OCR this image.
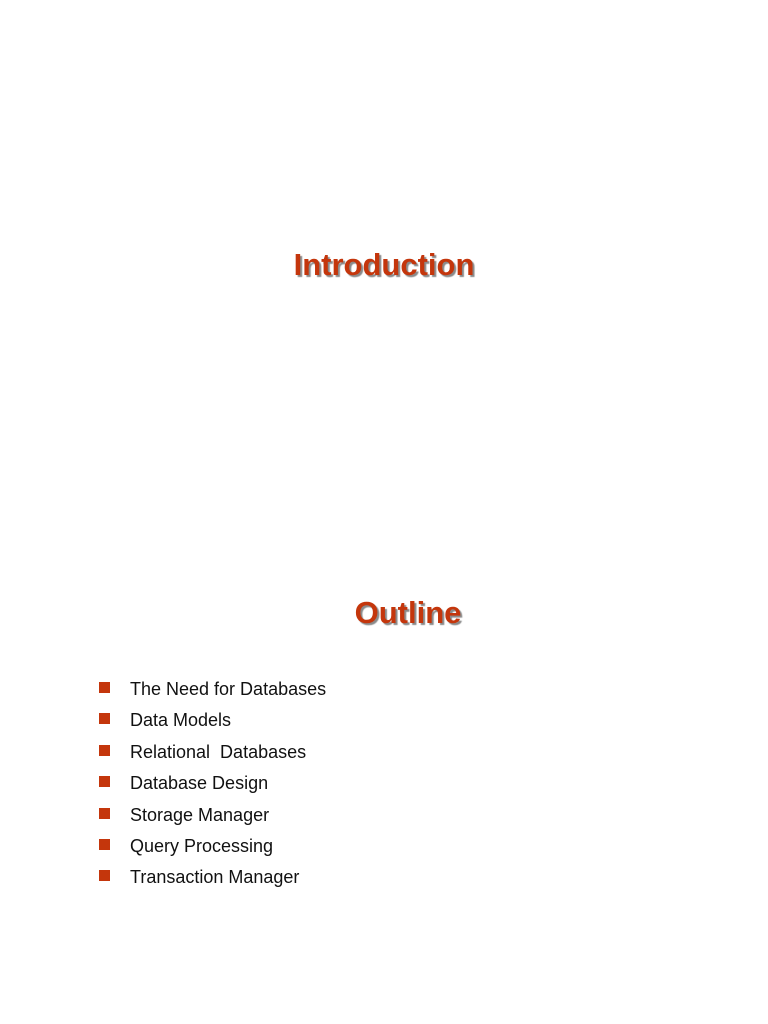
Introduction
Outline
The Need for Databases
Data Models
Relational  Databases
Database Design
Storage Manager
Query Processing
Transaction Manager
